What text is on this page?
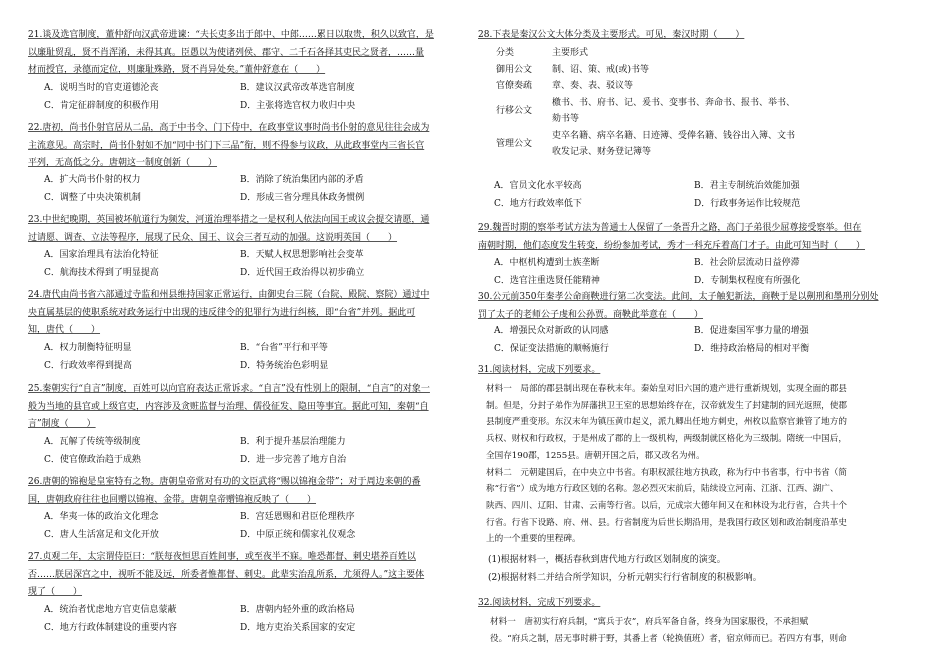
21.谈及选官制度，董仲舒向汉武帝进谏：“夫长吏多出于郎中、中郎……累日以取贵，积久以致官，是
以廉耻贸乱，贤不肖浑淆，未得其真。臣愚以为使诸列侯、郡守、二千石各择其吏民之贤者，……量
材而授官，录德而定位，则廉耻殊路，贤不肖异处矣。”董仲舒意在（　　）
A．说明当时的官吏道德沦丧	B．建议汉武帝改革选官制度
C．肯定征辟制度的积极作用	D．主张将选官权力收归中央
22.唐初，尚书仆射官居从二品，高于中书令、门下侍中，在政事堂议事时尚书仆射的意见往往会成为
主流意见。高宗时，尚书仆射如不加“同中书门下三品”衔，则不得参与议政，从此政事堂内三省长官
平列，无高低之分。唐朝这一制度创新（　　）
A．扩大尚书仆射的权力	B．消除了统治集团内部的矛盾
C．调整了中央决策机制	D．形成三省分理具体政务惯例
23.中世纪晚期，英国被坏航道行为频发，河道治理举措之一是权利人依法向国王或议会提交请愿，通
过请愿、调查、立法等程序，展现了民众、国王、议会三者互动的加强。这说明英国（　　）
A．国家治理具有法治化特征	B．天赋人权思想影响社会变革
C．航海技术得到了明显提高	D．近代国王政治得以初步确立
24.唐代由尚书省六部通过寺监和州县维持国家正常运行，由御史台三院（台院、殿院、察院）通过中
央直属基层的使职系统对政务运行中出现的违反律令的犯罪行为进行纠核，即“台省”并列。据此可
知，唐代（　　）
A．权力制衡特征明显	B．“台省”平行和平等
C．行政效率得到提高	D．特务统治色彩明显
25.秦朝实行“自言”制度，百姓可以向官府表达正常诉求。“自言”没有性别上的限制，“自言”的对象一
般为当地的县官或上级官吏，内容涉及贪赃监督与治理、儒役征发、隐田等事宜。据此可知，秦朝“自
言”制度（　　）
A．瓦解了传统等级制度	B．利于提升基层治理能力
C．使官僚政治趋于成熟	D．进一步完善了地方自治
26.唐朝的锦袍是皇室特有之物。唐朝皇帝常对有功的文臣武将“赐以锦袍金带”；对于周边来朝的番
国，唐朝政府往往也回赠以锦袍、金带。唐朝皇帝赠锦袍反映了（　　）
A．华夷一体的政治文化理念	B．宫廷恩赐和君臣伦理秩序
C．唐人生活富足和文化开放	D．中原正统和儒家礼仪观念
27.贞观二年，太宗谓侍臣曰：“朕每夜恒思百姓间事，或至夜半不寐。唯恐都督、刺史堪养百姓以
否……朕居深宫之中，视听不能及远，所委者惟都督、刺史。此辈实治乱所系，尤须得人。”这主要体
现了（　　）
A．统治者忧虑地方官吏信息蒙蔽	B．唐朝内轻外重的政治格局
C．地方行政体制建设的重要内容	D．地方吏治关系国家的安定
28.下表是秦汉公文大体分类及主要形式。可见，秦汉时期（　　）
分类	主要形式
御用公文	制、诏、策、戒(或)书等
官僚奏疏	章、奏、表、驳议等
行移公文	檄书、书、府书、记、爰书、变事书、奔命书、报书、举书、
劾书等

管理公文	吏卒名籍、病卒名籍、日迹簿、受俸名籍、钱谷出入簿、文书
收发记录、财务登记簿等
A．官员文化水平较高	B．君主专制统治效能加强
C．地方行政效率低下	D．行政事务运作比较规范
29.魏晋时期的察举考试方法为普通士人保留了一条晋升之路，高门子弟很少屈尊接受察举。但在
南朝时期，他们态度发生转变，纷纷参加考试，秀才一科充斥着高门才子。由此可知当时（　　）
A．中枢机构遭到士族垄断	B．社会阶层流动日益停滞
C．选官注重选贤任能精神	D．专制集权程度有所强化
30.公元前350年秦孝公命商鞅进行第二次变法。此间，太子触犯新法，商鞅于是以劓刑和墨刑分别处
罚了太子的老师公子虔和公孙贾。商鞅此举意在（　　）
A．增强民众对新政的认同感	B．促进秦国军事力量的增强
C．保证变法措施的顺畅施行	D．维持政治格局的相对平衡
31.阅读材料，完成下列要求。
材料一　局部的郡县制出现在春秋末年。秦始皇对旧六国的遗产进行重新规划，实现全面的郡县
制。但是，分封子弟作为屏藩拱卫王室的思想始终存在，汉帝就发生了封建制的回光返照，使郡
县制度严重变形。东汉末年为镇压黄巾起义，派九卿出任地方刺史，州枚以监察官兼管了地方的
兵权、财权和行政权，于是州成了郡的上一级机构，两级制就区格化为三级制。隋统一中国后，
全国存190郡，1255县。唐朝开国之后，郡又改名为州。
材料二　元朝建国后，在中央立中书省。有职权派往地方执政，称为行中书省事，行中书省（简
称“行省”）成为地方行政区划的名称。忽必烈灭宋前后，陆续设立河南、江浙、江西、湖广、
陕西、四川、辽阳、甘肃、云南等行省。以后，元成宗大德年间又在和林设为北行省，合共十个
行省。行省下设路、府、州、县。行省制度为后世长期沿用，是我国行政区划和政治制度沿革史
上的一个重要的里程碑。
(1)根据材料一，概括春秋到唐代地方行政区划制度的演变。
(2)根据材料二并结合所学知识，分析元朝实行行省制度的积极影响。
32.阅读材料，完成下列要求。
材料一　唐初实行府兵制，“寓兵于农”，府兵军备自备，终身为国家服役，不承担赋
役。“府兵之制，居无事时耕于野，其番上者（轮换值班）者，宿京师而已。若四方有事，则命
